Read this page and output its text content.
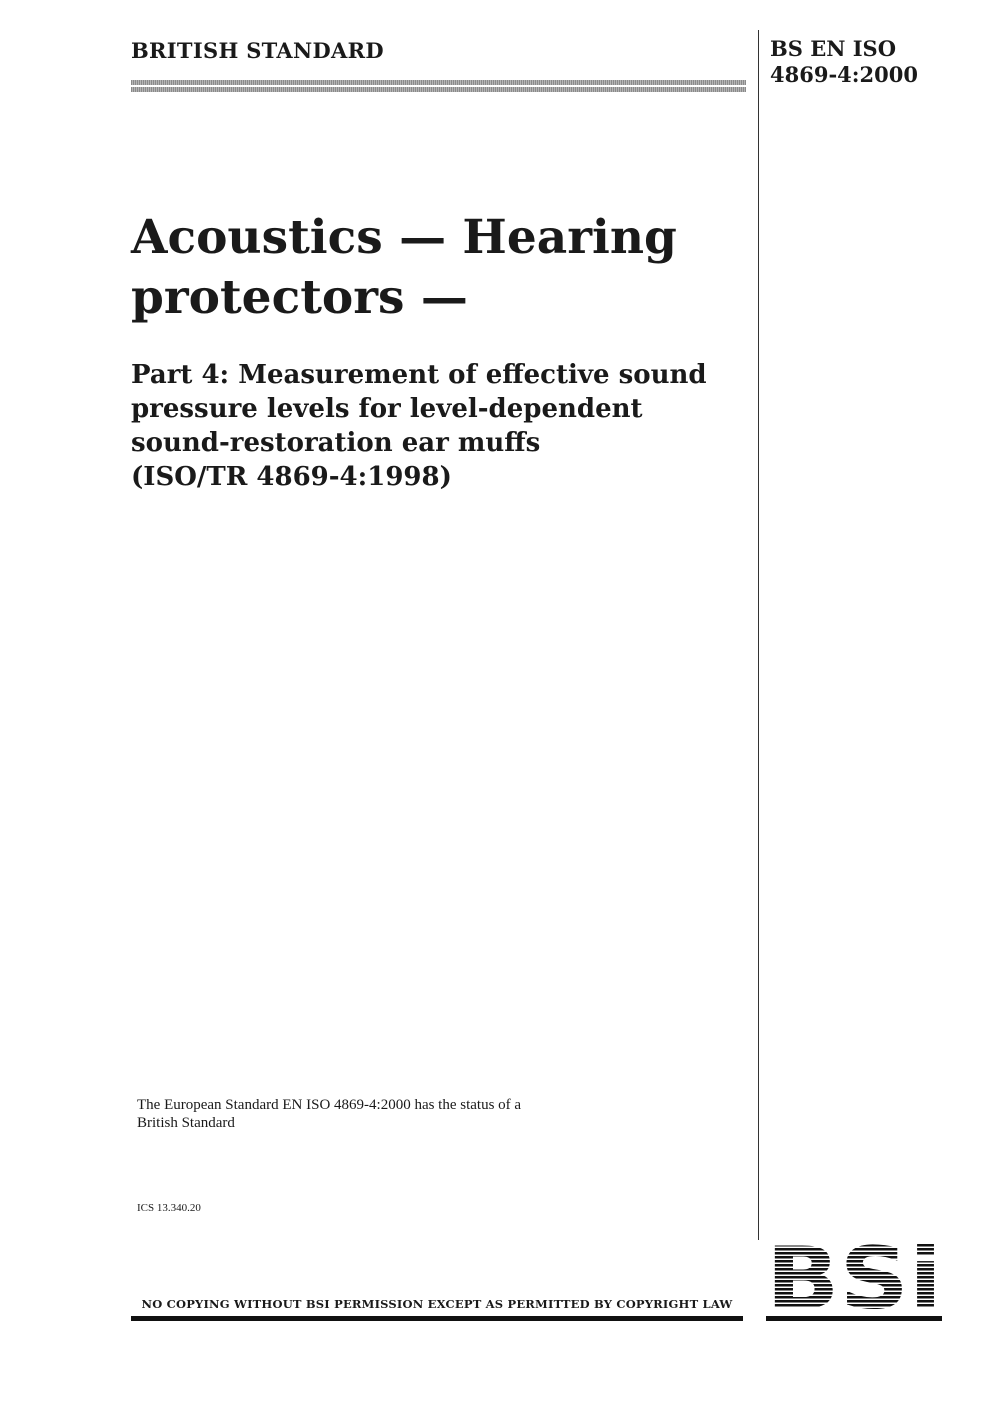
BRITISH STANDARD	BS EN ISO
4869-4:2000
Acoustics — Hearing
protectors —
Part 4: Measurement of effective sound
pressure levels for level-dependent
sound-restoration ear muffs
(ISO/TR 4869-4:1998)
The European Standard EN ISO 4869-4:2000 has the status of a
British Standard
ICS 13.340.20
NO COPYING WITHOUT BSI PERMISSION EXCEPT AS PERMITTED BY COPYRIGHT LAW BSi
